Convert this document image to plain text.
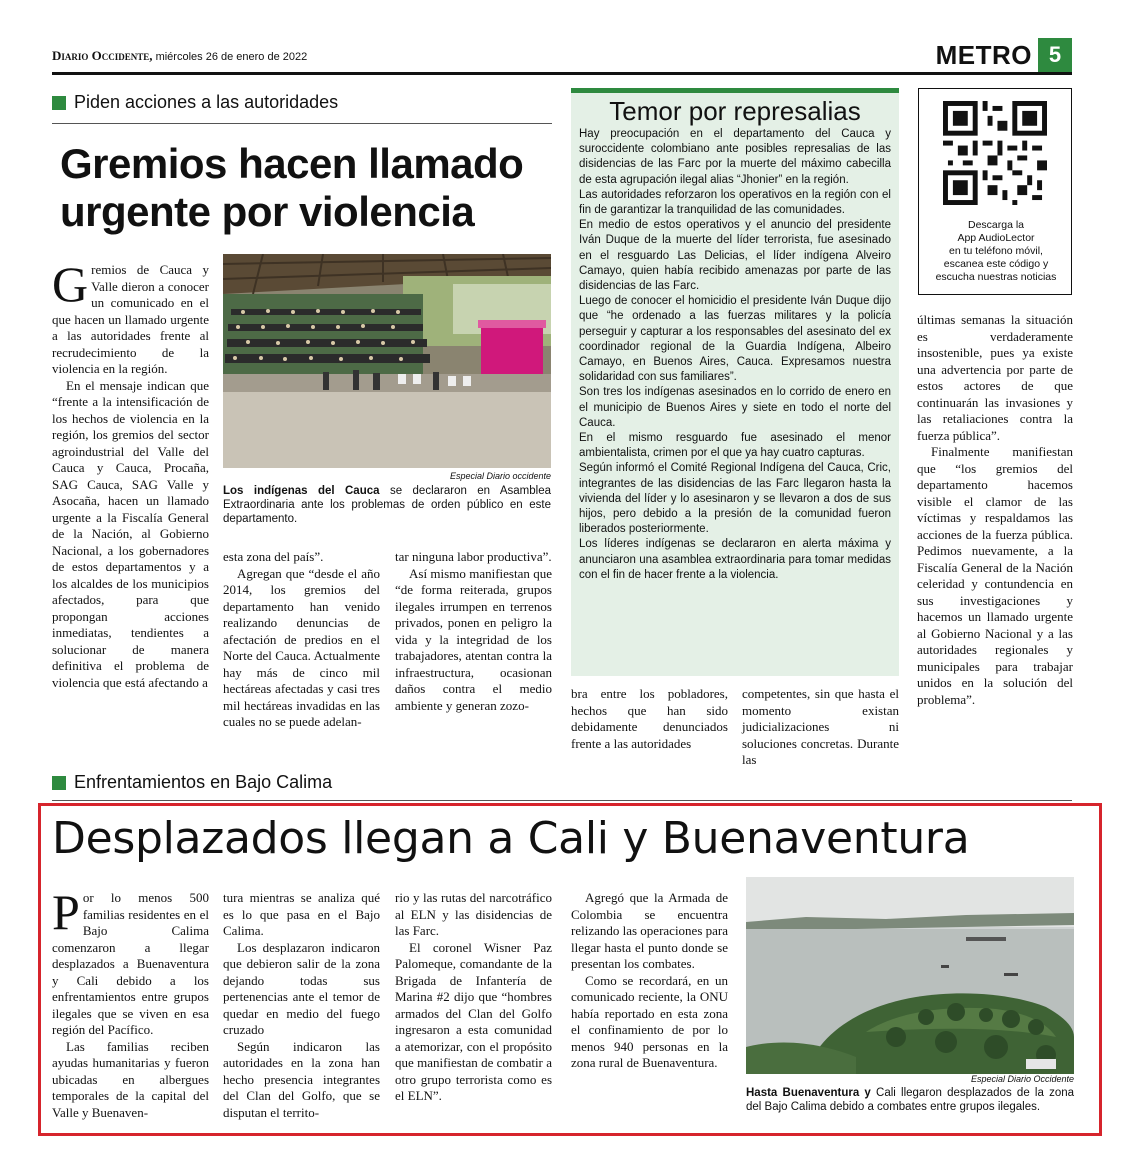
Diario Occidente, miércoles 26 de enero de 2022	METRO 5
Piden acciones a las autoridades
Gremios hacen llamado
urgente por violencia

Gremios de Cauca y Valle dieron a conocer un comunicado en el que hacen un llamado urgente a las autoridades frente al recrudecimiento de la violencia en la región.

En el mensaje indican que “frente a la intensificación de los hechos de violencia en la región, los gremios del sector agroindustrial del Valle del Cauca y Cauca, Procaña, SAG Cauca, SAG Valle y Asocaña, hacen un llamado urgente a la Fiscalía General de la Nación, al Gobierno Nacional, a los gobernadores de estos departamentos y a los alcaldes de los municipios afectados, para que propongan acciones inmediatas, tendientes a solucionar de manera definitiva el problema de violencia que está afectando a

Especial Diario occidente
Los indígenas del Cauca se declararon en Asamblea Extraordinaria ante los problemas de orden público en este departamento.

esta zona del país”.

Agregan que “desde el año 2014, los gremios del departamento han venido realizando denuncias de afectación de predios en el Norte del Cauca. Actualmente hay más de cinco mil hectáreas afectadas y casi tres mil hectáreas invadidas en las cuales no se puede adelan-

tar ninguna labor productiva”.

Así mismo manifiestan que “de forma reiterada, grupos ilegales irrumpen en terrenos privados, ponen en peligro la vida y la integridad de los trabajadores, atentan contra la infraestructura, ocasionan daños contra el medio ambiente y generan zozo-

Temor por represalias

Hay preocupación en el departamento del Cauca y suroccidente colombiano ante posibles represalias de las disidencias de las Farc por la muerte del máximo cabecilla de esta agrupación ilegal alias “Jhonier” en la región.

Las autoridades reforzaron los operativos en la región con el fin de garantizar la tranquilidad de las comunidades.

En medio de estos operativos y el anuncio del presidente Iván Duque de la muerte del líder terrorista, fue asesinado en el resguardo Las Delicias, el líder indígena Alveiro Camayo, quien había recibido amenazas por parte de las disidencias de las Farc.

Luego de conocer el homicidio el presidente Iván Duque dijo que “he ordenado a las fuerzas militares y la policía perseguir y capturar a los responsables del asesinato del ex coordinador regional de la Guardia Indígena, Albeiro Camayo, en Buenos Aires, Cauca. Expresamos nuestra solidaridad con sus familiares”.

Son tres los indígenas asesinados en lo corrido de enero en el municipio de Buenos Aires y siete en todo el norte del Cauca.

En el mismo resguardo fue asesinado el menor ambientalista, crimen por el que ya hay cuatro capturas.

Según informó el Comité Regional Indígena del Cauca, Cric, integrantes de las disidencias de las Farc llegaron hasta la vivienda del líder y lo asesinaron y se llevaron a dos de sus hijos, pero debido a la presión de la comunidad fueron liberados posteriormente.

Los líderes indígenas se declararon en alerta máxima y anunciaron una asamblea extraordinaria para tomar medidas con el fin de hacer frente a la violencia.

bra entre los pobladores, hechos que han sido debidamente denunciados frente a las autoridades

competentes, sin que hasta el momento existan judicializaciones ni soluciones concretas. Durante las

Descarga la
App AudioLector
en tu teléfono móvil,
escanea este código y
escucha nuestras noticias

últimas semanas la situación es verdaderamente insostenible, pues ya existe una advertencia por parte de estos actores de que continuarán las invasiones y las retaliaciones contra la fuerza pública”.

Finalmente manifiestan que “los gremios del departamento hacemos visible el clamor de las víctimas y respaldamos las acciones de la fuerza pública. Pedimos nuevamente, a la Fiscalía General de la Nación celeridad y contundencia en sus investigaciones y hacemos un llamado urgente al Gobierno Nacional y a las autoridades regionales y municipales para trabajar unidos en la solución del problema”.

Enfrentamientos en Bajo Calima
Desplazados llegan a Cali y Buenaventura

Por lo menos 500 familias residentes en el Bajo Calima comenzaron a llegar desplazados a Buenaventura y Cali debido a los enfrentamientos entre grupos ilegales que se viven en esa región del Pacífico.

Las familias reciben ayudas humanitarias y fueron ubicadas en albergues temporales de la capital del Valle y Buenaven-

tura mientras se analiza qué es lo que pasa en el Bajo Calima.

Los desplazaron indicaron que debieron salir de la zona dejando todas sus pertenencias ante el temor de quedar en medio del fuego cruzado

Según indicaron las autoridades en la zona han hecho presencia integrantes del Clan del Golfo, que se disputan el territo-

rio y las rutas del narcotráfico al ELN y las disidencias de las Farc.

El coronel Wisner Paz Palomeque, comandante de la Brigada de Infantería de Marina #2 dijo que “hombres armados del Clan del Golfo ingresaron a esta comunidad a atemorizar, con el propósito que manifiestan de combatir a otro grupo terrorista como es el ELN”.

Agregó que la Armada de Colombia se encuentra relizando las operaciones para llegar hasta el punto donde se presentan los combates.

Como se recordará, en un comunicado reciente, la ONU había reportado en esta zona el confinamiento de por lo menos 940 personas en la zona rural de Buenaventura.

Especial Diario Occidente
Hasta Buenaventura y Cali llegaron desplazados de la zona del Bajo Calima debido a combates entre grupos ilegales.
